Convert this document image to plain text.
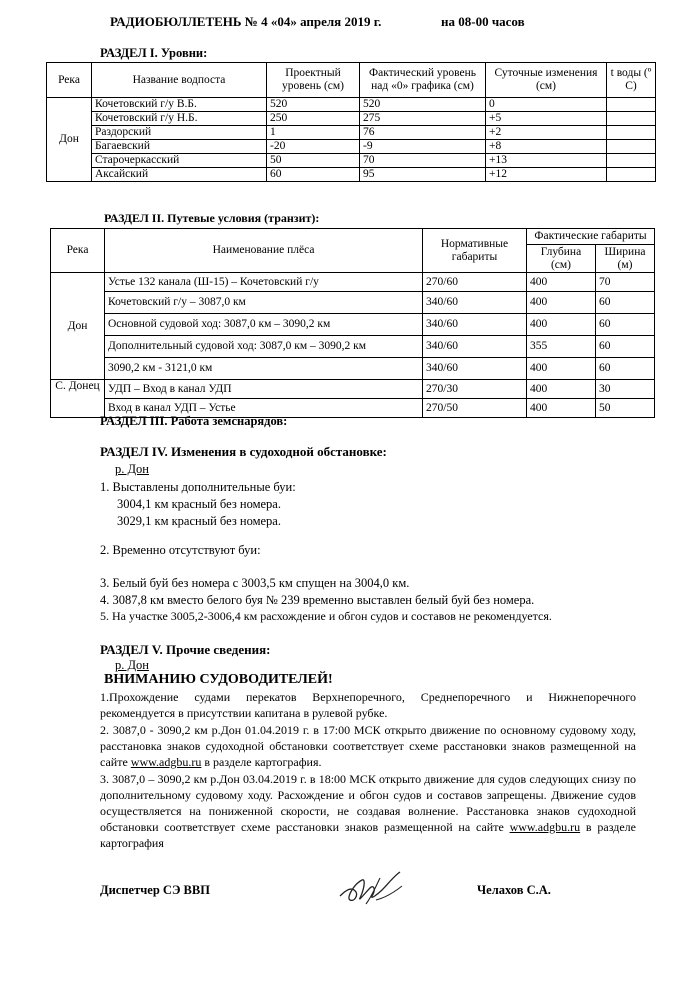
РАДИОБЮЛЛЕТЕНЬ № 4 «04» апреля 2019 г.	на 08-00 часов
РАЗДЕЛ I. Уровни:
Река	Название водпоста	Проектный уровень (см)	Фактический уровень над «0» графика (см)	Суточные изменения (см)	t воды (º С)
Дон	Кочетовский г/у В.Б.	520	520	0	
	Кочетовский г/у Н.Б.	250	275	+5	
	Раздорский	1	76	+2	
	Багаевский	-20	-9	+8	
	Старочеркасский	50	70	+13	
	Аксайский	60	95	+12	
РАЗДЕЛ II. Путевые условия (транзит):
Река	Наименование плёса	Нормативные габариты	Фактические габариты	
			Глубина (см)	Ширина (м)
Дон	Устье 132 канала (Ш-15) – Кочетовский г/у	270/60	400	70
	Кочетовский г/у – 3087,0 км	340/60	400	60
	Основной судовой ход: 3087,0 км – 3090,2 км	340/60	400	60
	Дополнительный судовой ход: 3087,0 км – 3090,2 км	340/60	355	60
	3090,2 км - 3121,0 км	340/60	400	60
С. Донец	УДП – Вход в канал УДП	270/30	400	30
	Вход в канал УДП – Устье	270/50	400	50
РАЗДЕЛ III. Работа земснарядов:
РАЗДЕЛ IV. Изменения в судоходной обстановке:
р. Дон
1. Выставлены дополнительные буи:
3004,1 км красный без номера.
3029,1 км красный без номера.
2. Временно отсутствуют буи:
3. Белый буй без номера с 3003,5 км спущен на 3004,0 км.
4. 3087,8 км вместо белого буя № 239 временно выставлен белый буй без номера.
5. На участке 3005,2-3006,4 км расхождение и обгон судов и составов не рекомендуется.
РАЗДЕЛ V. Прочие сведения:
р. Дон
ВНИМАНИЮ СУДОВОДИТЕЛЕЙ!
1.Прохождение судами перекатов Верхнепоречного, Среднепоречного и Нижнепоречного рекомендуется в присутствии капитана в рулевой рубке.
2. 3087,0 - 3090,2 км р.Дон 01.04.2019 г. в 17:00 МСК открыто движение по основному судовому ходу, расстановка знаков судоходной обстановки соответствует схеме расстановки знаков размещенной на сайте www.adgbu.ru в разделе картография.
3. 3087,0 – 3090,2 км р.Дон 03.04.2019 г. в 18:00 МСК открыто движение для судов следующих снизу по дополнительному судовому ходу. Расхождение и обгон судов и составов запрещены. Движение судов осуществляется на пониженной скорости, не создавая волнение. Расстановка знаков судоходной обстановки соответствует схеме расстановки знаков размещенной на сайте www.adgbu.ru в разделе картография
Диспетчер СЭ ВВП	Челахов С.А.
